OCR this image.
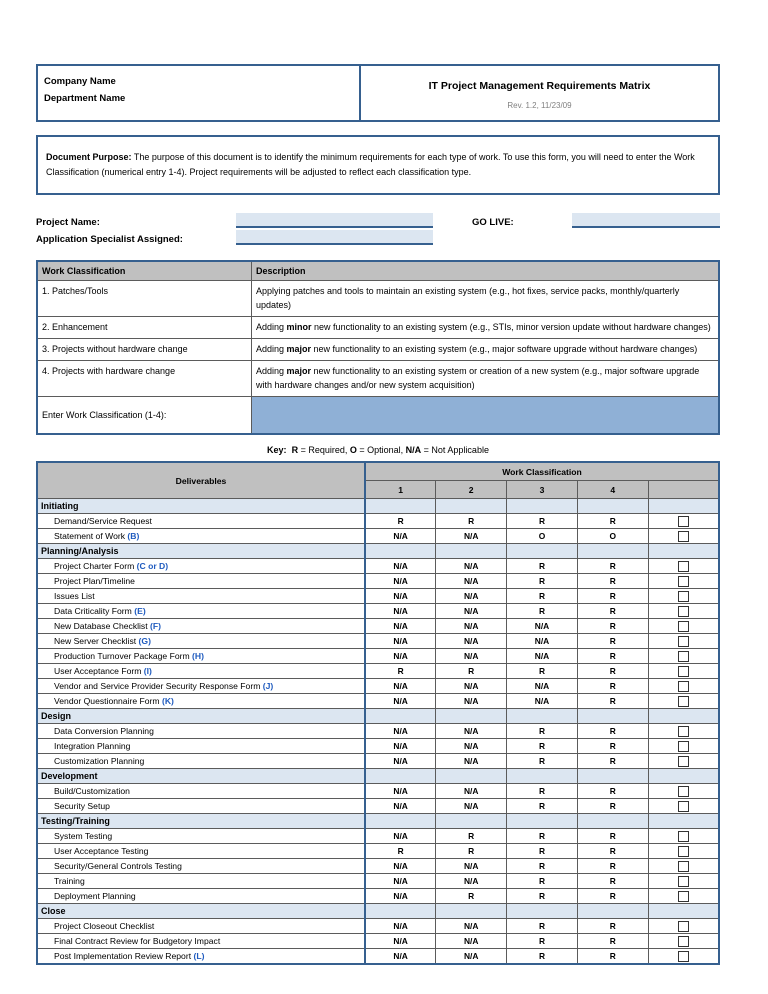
Company Name
Department Name
IT Project Management Requirements Matrix
Rev. 1.2, 11/23/09
Document Purpose: The purpose of this document is to identify the minimum requirements for each type of work. To use this form, you will need to enter the Work Classification (numerical entry 1-4). Project requirements will be adjusted to reflect each classification type.
Project Name:
Application Specialist Assigned:
GO LIVE:
Work Classification	Description
1. Patches/Tools	Applying patches and tools to maintain an existing system (e.g., hot fixes, service packs, monthly/quarterly updates)
2. Enhancement	Adding minor new functionality to an existing system (e.g., STIs, minor version update without hardware changes)
3. Projects without hardware change	Adding major new functionality to an existing system (e.g., major software upgrade without hardware changes)
4. Projects with hardware change	Adding major new functionality to an existing system or creation of a new system (e.g., major software upgrade with hardware changes and/or new system acquisition)
Enter Work Classification (1-4):	
Key: R = Required, O = Optional, N/A = Not Applicable
Deliverables	Work Classification				
	1	2	3	4	
Initiating					
Demand/Service Request	R	R	R	R	
Statement of Work (B)	N/A	N/A	O	O	
Planning/Analysis					
Project Charter Form (C or D)	N/A	N/A	R	R	
Project Plan/Timeline	N/A	N/A	R	R	
Issues List	N/A	N/A	R	R	
Data Criticality Form (E)	N/A	N/A	R	R	
New Database Checklist (F)	N/A	N/A	N/A	R	
New Server Checklist (G)	N/A	N/A	N/A	R	
Production Turnover Package Form (H)	N/A	N/A	N/A	R	
User Acceptance Form (I)	R	R	R	R	
Vendor and Service Provider Security Response Form (J)	N/A	N/A	N/A	R	
Vendor Questionnaire Form (K)	N/A	N/A	N/A	R	
Design					
Data Conversion Planning	N/A	N/A	R	R	
Integration Planning	N/A	N/A	R	R	
Customization Planning	N/A	N/A	R	R	
Development					
Build/Customization	N/A	N/A	R	R	
Security Setup	N/A	N/A	R	R	
Testing/Training					
System Testing	N/A	R	R	R	
User Acceptance Testing	R	R	R	R	
Security/General Controls Testing	N/A	N/A	R	R	
Training	N/A	N/A	R	R	
Deployment Planning	N/A	R	R	R	
Close					
Project Closeout Checklist	N/A	N/A	R	R	
Final Contract Review for Budgetory Impact	N/A	N/A	R	R	
Post Implementation Review Report (L)	N/A	N/A	R	R	
